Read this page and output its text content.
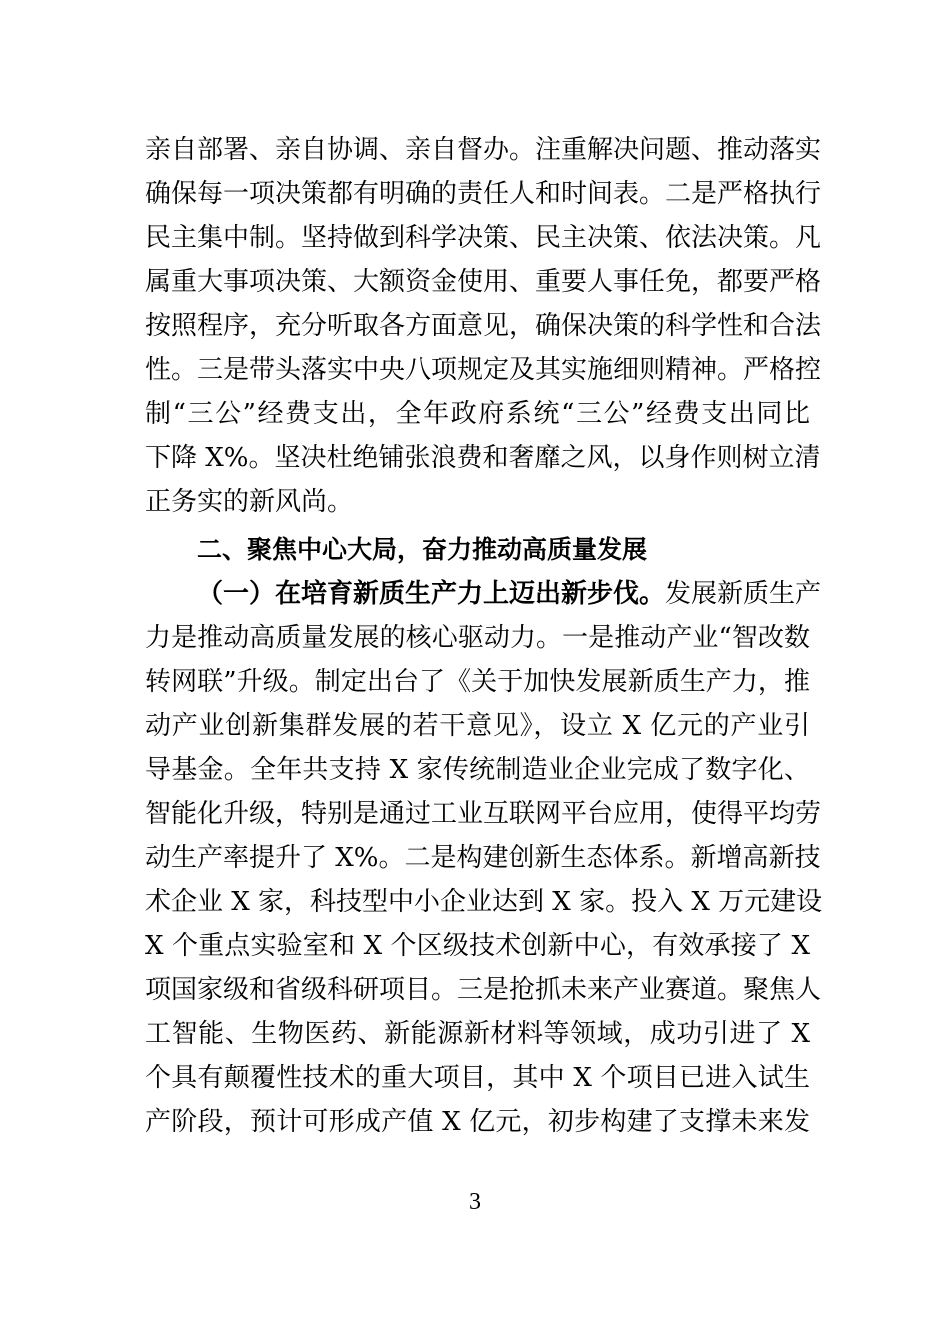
亲自部署、亲自协调、亲自督办。注重解决问题、推动落实
确保每一项决策都有明确的责任人和时间表。二是严格执行
民主集中制。坚持做到科学决策、民主决策、依法决策。凡
属重大事项决策、大额资金使用、重要人事任免，都要严格
按照程序，充分听取各方面意见，确保决策的科学性和合法
性。三是带头落实中央八项规定及其实施细则精神。严格控
制“三公”经费支出，全年政府系统“三公”经费支出同比
下降 X%。坚决杜绝铺张浪费和奢靡之风，以身作则树立清
正务实的新风尚。
二、聚焦中心大局，奋力推动高质量发展
（一）在培育新质生产力上迈出新步伐。发展新质生产
力是推动高质量发展的核心驱动力。一是推动产业“智改数
转网联”升级。制定出台了《关于加快发展新质生产力，推
动产业创新集群发展的若干意见》，设立 X 亿元的产业引
导基金。全年共支持 X 家传统制造业企业完成了数字化、
智能化升级，特别是通过工业互联网平台应用，使得平均劳
动生产率提升了 X%。二是构建创新生态体系。新增高新技
术企业 X 家，科技型中小企业达到 X 家。投入 X 万元建设
X 个重点实验室和 X 个区级技术创新中心，有效承接了 X
项国家级和省级科研项目。三是抢抓未来产业赛道。聚焦人
工智能、生物医药、新能源新材料等领域，成功引进了 X
个具有颠覆性技术的重大项目，其中 X 个项目已进入试生
产阶段，预计可形成产值 X 亿元，初步构建了支撑未来发
3
